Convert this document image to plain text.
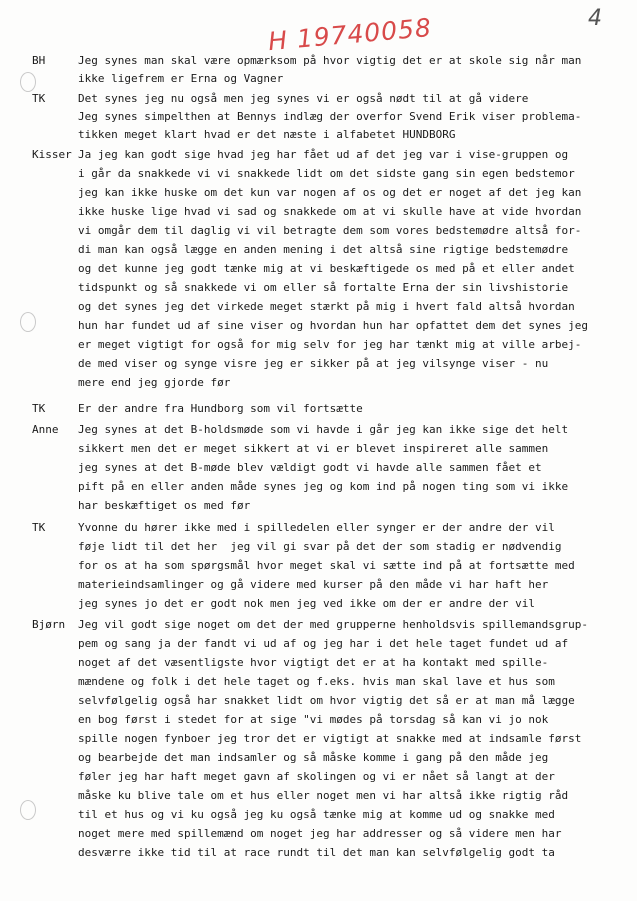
H 19740058	4
BH	Jeg synes man skal være opmærksom på hvor vigtig det er at skole sig når man
ikke ligefrem er Erna og Vagner
TK	Det synes jeg nu også men jeg synes vi er også nødt til at gå videre
Jeg synes simpelthen at Bennys indlæg der overfor Svend Erik viser problema-
tikken meget klart hvad er det næste i alfabetet HUNDBORG
Kisser Ja jeg kan godt sige hvad jeg har fået ud af det jeg var i vise-gruppen og
i går da snakkede vi vi snakkede lidt om det sidste gang sin egen bedstemor
jeg kan ikke huske om det kun var nogen af os og det er noget af det jeg kan
ikke huske lige hvad vi sad og snakkede om at vi skulle have at vide hvordan
vi omgår dem til daglig vi vil betragte dem som vores bedstemødre altså for-
di man kan også lægge en anden mening i det altså sine rigtige bedstemødre
og det kunne jeg godt tænke mig at vi beskæftigede os med på et eller andet
tidspunkt og så snakkede vi om eller så fortalte Erna der sin livshistorie
og det synes jeg det virkede meget stærkt på mig i hvert fald altså hvordan
hun har fundet ud af sine viser og hvordan hun har opfattet dem det synes jeg
er meget vigtigt for også for mig selv for jeg har tænkt mig at ville arbej-
de med viser og synge visre jeg er sikker på at jeg vilsynge viser - nu
mere end jeg gjorde før
TK	Er der andre fra Hundborg som vil fortsætte
Anne Jeg synes at det B-holdsmøde som vi havde i går jeg kan ikke sige det helt
sikkert men det er meget sikkert at vi er blevet inspireret alle sammen
jeg synes at det B-møde blev vældigt godt vi havde alle sammen fået et
pift på en eller anden måde synes jeg og kom ind på nogen ting som vi ikke
har beskæftiget os med før
TK	Yvonne du hører ikke med i spilledelen eller synger er der andre der vil
føje lidt til det her  jeg vil gi svar på det der som stadig er nødvendig
for os at ha som spørgsmål hvor meget skal vi sætte ind på at fortsætte med
materieindsamlinger og gå videre med kurser på den måde vi har haft her
jeg synes jo det er godt nok men jeg ved ikke om der er andre der vil
Bjørn Jeg vil godt sige noget om det der med grupperne henholdsvis spillemandsgrup-
pem og sang ja der fandt vi ud af og jeg har i det hele taget fundet ud af
noget af det væsentligste hvor vigtigt det er at ha kontakt med spille-
mændene og folk i det hele taget og f.eks. hvis man skal lave et hus som
selvfølgelig også har snakket lidt om hvor vigtig det så er at man må lægge
en bog først i stedet for at sige "vi mødes på torsdag så kan vi jo nok
spille nogen fynboer jeg tror det er vigtigt at snakke med at indsamle først
og bearbejde det man indsamler og så måske komme i gang på den måde jeg
føler jeg har haft meget gavn af skolingen og vi er nået så langt at der
måske ku blive tale om et hus eller noget men vi har altså ikke rigtig råd
til et hus og vi ku også jeg ku også tænke mig at komme ud og snakke med
noget mere med spillemænd om noget jeg har addresser og så videre men har
desværre ikke tid til at race rundt til det man kan selvfølgelig godt ta
